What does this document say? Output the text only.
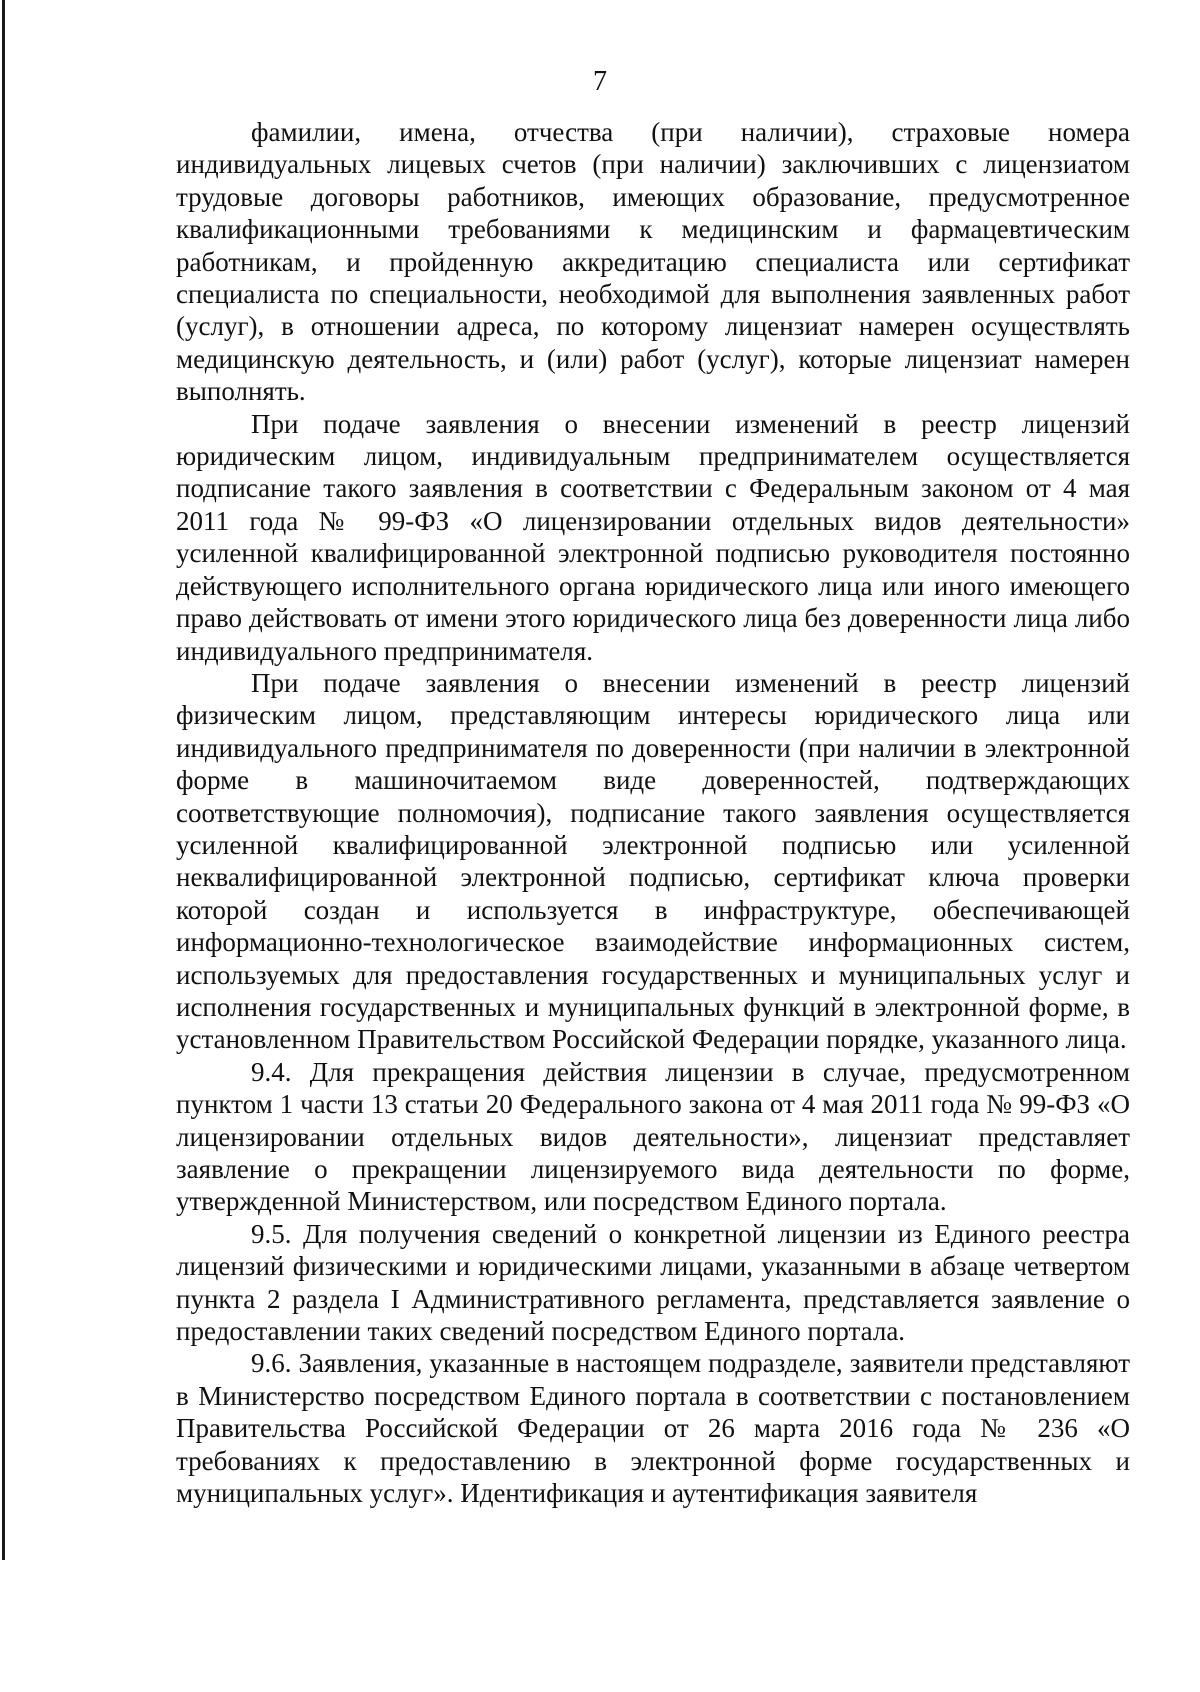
7

фамилии, имена, отчества (при наличии), страховые номера индивидуальных лицевых счетов (при наличии) заключивших с лицензиатом трудовые договоры работников, имеющих образование, предусмотренное квалификационными требованиями к медицинским и фармацевтическим работникам, и пройденную аккредитацию специалиста или сертификат специалиста по специальности, необходимой для выполнения заявленных работ (услуг), в отношении адреса, по которому лицензиат намерен осуществлять медицинскую деятельность, и (или) работ (услуг), которые лицензиат намерен выполнять.

При подаче заявления о внесении изменений в реестр лицензий юридическим лицом, индивидуальным предпринимателем осуществляется подписание такого заявления в соответствии с Федеральным законом от 4 мая 2011 года № 99-ФЗ «О лицензировании отдельных видов деятельности» усиленной квалифицированной электронной подписью руководителя постоянно действующего исполнительного органа юридического лица или иного имеющего право действовать от имени этого юридического лица без доверенности лица либо индивидуального предпринимателя.

При подаче заявления о внесении изменений в реестр лицензий физическим лицом, представляющим интересы юридического лица или индивидуального предпринимателя по доверенности (при наличии в электронной форме в машиночитаемом виде доверенностей, подтверждающих соответствующие полномочия), подписание такого заявления осуществляется усиленной квалифицированной электронной подписью или усиленной неквалифицированной электронной подписью, сертификат ключа проверки которой создан и используется в инфраструктуре, обеспечивающей информационно-технологическое взаимодействие информационных систем, используемых для предоставления государственных и муниципальных услуг и исполнения государственных и муниципальных функций в электронной форме, в установленном Правительством Российской Федерации порядке, указанного лица.

9.4. Для прекращения действия лицензии в случае, предусмотренном пунктом 1 части 13 статьи 20 Федерального закона от 4 мая 2011 года № 99-ФЗ «О лицензировании отдельных видов деятельности», лицензиат представляет заявление о прекращении лицензируемого вида деятельности по форме, утвержденной Министерством, или посредством Единого портала.

9.5. Для получения сведений о конкретной лицензии из Единого реестра лицензий физическими и юридическими лицами, указанными в абзаце четвертом пункта 2 раздела I Административного регламента, представляется заявление о предоставлении таких сведений посредством Единого портала.

9.6. Заявления, указанные в настоящем подразделе, заявители представляют в Министерство посредством Единого портала в соответствии с постановлением Правительства Российской Федерации от 26 марта 2016 года № 236 «О требованиях к предоставлению в электронной форме государственных и муниципальных услуг». Идентификация и аутентификация заявителя
